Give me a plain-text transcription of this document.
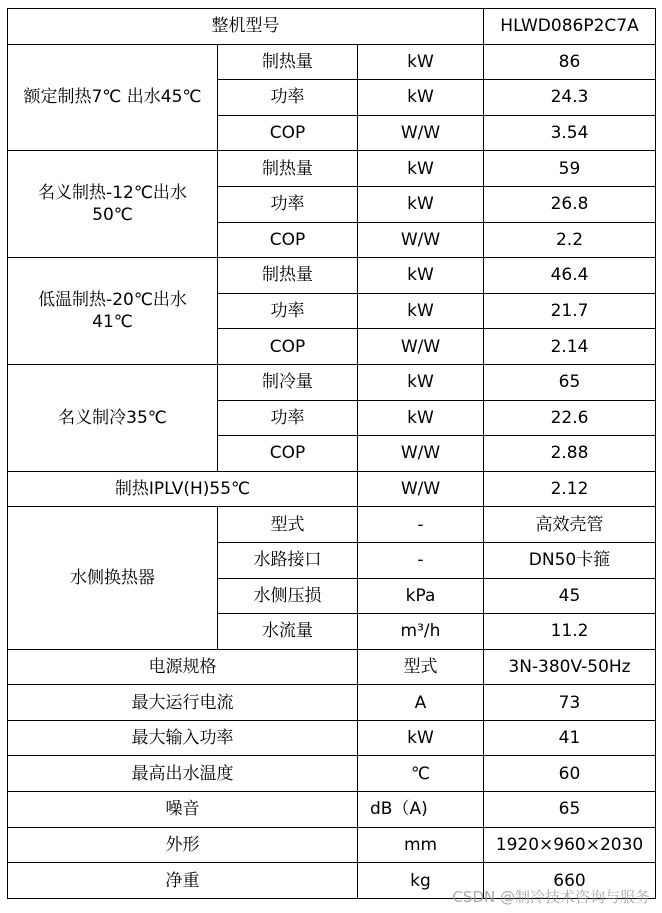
整机型号			HLWD086P2C7A
额定制热7℃ 出水45℃	制热量	kW	86
	功率	kW	24.3
	COP	W/W	3.54
名义制热-12℃出水50℃	制热量	kW	59
	功率	kW	26.8
	COP	W/W	2.2
低温制热-20℃出水41℃	制热量	kW	46.4
	功率	kW	21.7
	COP	W/W	2.14
名义制冷35℃	制冷量	kW	65
	功率	kW	22.6
	COP	W/W	2.88
制热IPLV(H)55℃		W/W	2.12
水侧换热器	型式	-	高效壳管
	水路接口	-	DN50卡箍
	水侧压损	kPa	45
	水流量	m³/h	11.2
电源规格		型式	3N-380V-50Hz
最大运行电流		A	73
最大输入功率		kW	41
最高出水温度		℃	60
噪音		dB（A)	65
外形		mm	1920×960×2030
净重		kg	660
CSDN @制冷技术咨询与服务
